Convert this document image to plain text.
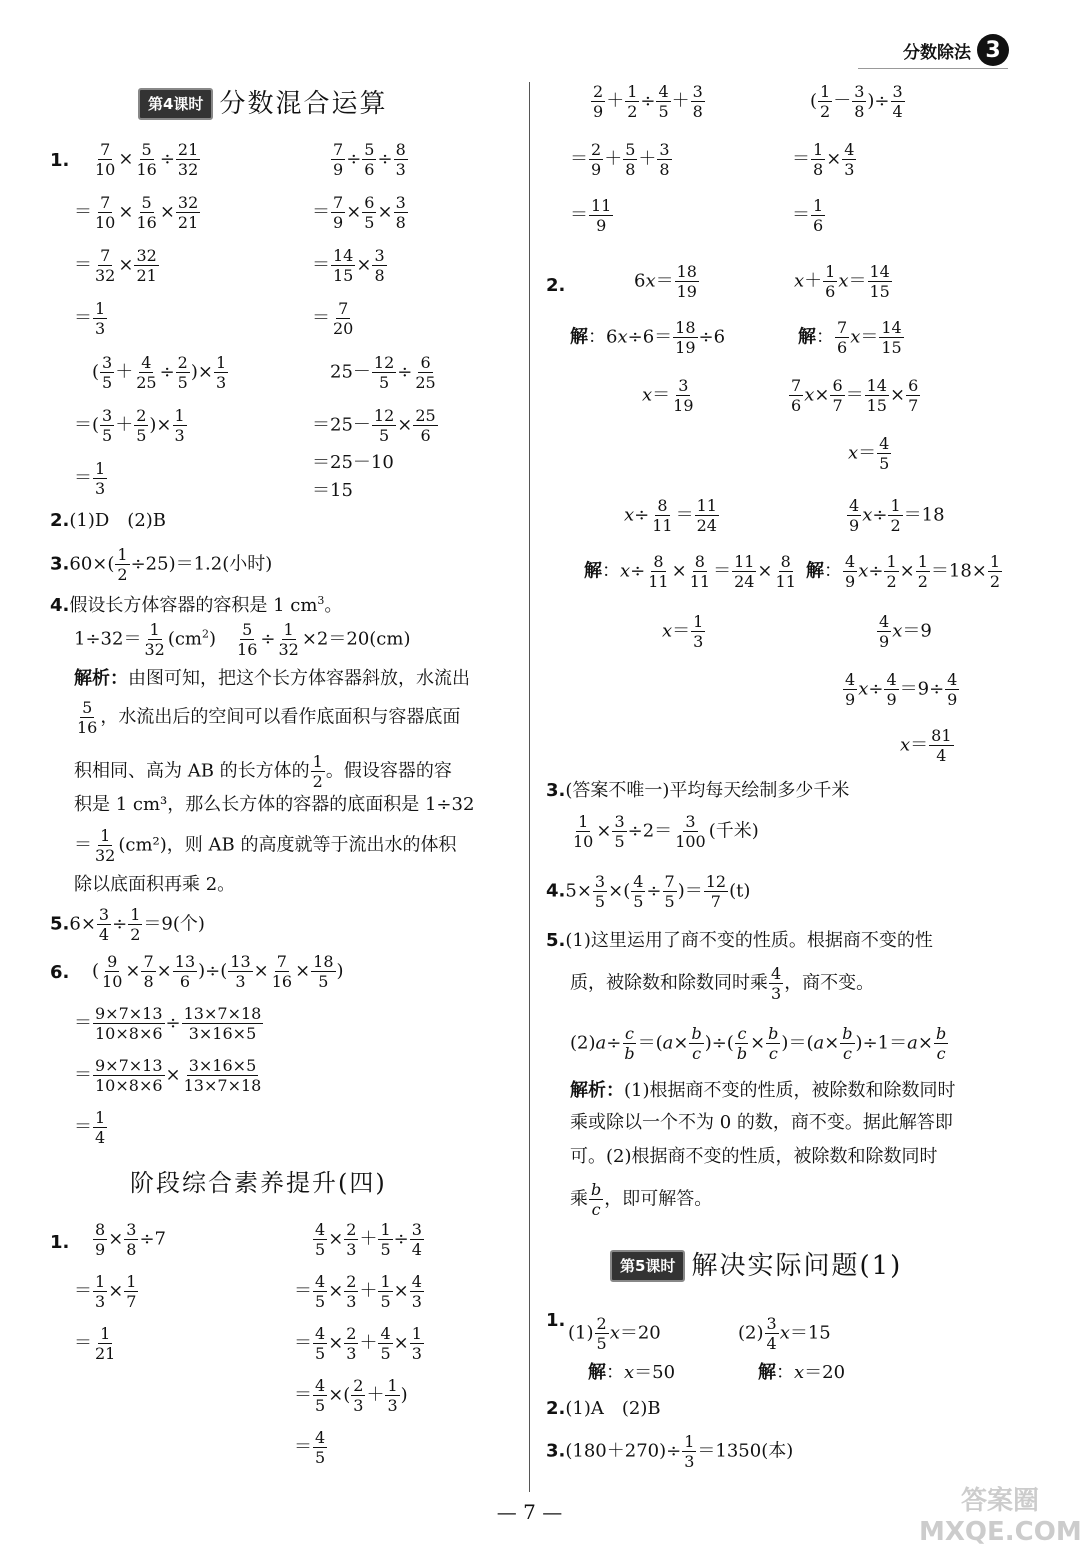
分数除法 3
第4课时 分数混合运算
1. $\frac{7}{10} \times \frac{5}{16} \div \frac{21}{32}$
＝ $\frac{7}{10} \times \frac{5}{16} \times \frac{32}{21}$
＝ $\frac{7}{32} \times \frac{32}{21}$
＝ $\frac{1}{3}$
$\frac{7}{9} \div \frac{5}{6} \div \frac{8}{3}$
＝ $\frac{7}{9} \times \frac{6}{5} \times \frac{3}{8}$
＝ $\frac{14}{15} \times \frac{3}{8}$
＝ $\frac{7}{20}$
( $\frac{3}{5} + \frac{4}{25} \div \frac{2}{5}$ )× $\frac{1}{3}$
＝( $\frac{3}{5} + \frac{2}{5}$ )× $\frac{1}{3}$
＝ $\frac{1}{3}$
$25- \frac{12}{5} \div \frac{6}{25}$
$=25- \frac{12}{5} \times \frac{25}{6}$
＝25－10
＝15
2.(1)D　(2)B
$3.60\times( \frac{1}{2} \div 25)=1.2$(小时)
4.假设长方体容器的容积是 1 $cm^3$。
$1\div 32= \frac{1}{32} (cm^2)$　 $\frac{5}{16} \div \frac{1}{32} \times 2=20(cm)$
解析：由图可知，把这个长方体容器斜放，水流出
$\frac{5}{16}$ ，水流出后的空间可以看作底面积与容器底面
积相同、高为 AB 的长方体的 $\frac{1}{2}$ 。假设容器的容
积是 1 cm³，那么长方体的容器的底面积是 1÷32
＝ $\frac{1}{32} (cm^2)$，则 AB 的高度就等于流出水的体积
除以底面积再乘 2。
$5.6\times \frac{3}{4} \div \frac{1}{2} =9$(个)
6. ( $\frac{9}{10} \times \frac{7}{8} \times \frac{13}{6}$ )÷( $\frac{13}{3} \times \frac{7}{16} \times \frac{18}{5}$ )
＝ $\frac{9\times 7\times 13}{10\times 8\times 6} \div \frac{13\times 7\times 18}{3\times 16\times 5}$
＝ $\frac{9\times 7\times 13}{10\times 8\times 6} \times \frac{3\times 16\times 5}{13\times 7\times 18}$
＝ $\frac{1}{4}$
阶段综合素养提升(四)
1. $\frac{8}{9} \times \frac{3}{8} \div 7$
＝ $\frac{1}{3} \times \frac{1}{7}$
＝ $\frac{1}{21}$
$\frac{4}{5} \times \frac{2}{3} + \frac{1}{5} \div \frac{3}{4}$
＝ $\frac{4}{5} \times \frac{2}{3} + \frac{1}{5} \times \frac{4}{3}$
＝ $\frac{4}{5} \times \frac{2}{3} + \frac{4}{5} \times \frac{1}{3}$
＝ $\frac{4}{5}$ ×( $\frac{2}{3} + \frac{1}{3}$ )
＝ $\frac{4}{5}$
$\frac{2}{9} + \frac{1}{2} \div \frac{4}{5} + \frac{3}{8}$
＝ $\frac{2}{9} + \frac{5}{8} + \frac{3}{8}$
＝ $\frac{11}{9}$
( $\frac{1}{2} - \frac{3}{8}$ )÷ $\frac{3}{4}$
＝ $\frac{1}{8} \times \frac{4}{3}$
＝ $\frac{1}{6}$
2.	$6x= \frac{18}{19}$
解：$6x\div 6= \frac{18}{19} \div 6$
$x= \frac{3}{19}$
$x+ \frac{1}{6} x= \frac{14}{15}$
解： $\frac{7}{6} x= \frac{14}{15}$
$\frac{7}{6} x\times \frac{6}{7} = \frac{14}{15} \times \frac{6}{7}$
$x= \frac{4}{5}$
$x\div \frac{8}{11} = \frac{11}{24}$
解：$x\div \frac{8}{11} \times \frac{8}{11} = \frac{11}{24} \times \frac{8}{11}$
$x= \frac{1}{3}$
$\frac{4}{9} x\div \frac{1}{2} =18$
解： $\frac{4}{9} x\div \frac{1}{2} \times \frac{1}{2} =18\times \frac{1}{2}$
$\frac{4}{9} x=9$
$\frac{4}{9} x\div \frac{4}{9} =9\div \frac{4}{9}$
$x= \frac{81}{4}$
3.(答案不唯一)平均每天绘制多少千米
$\frac{1}{10} \times \frac{3}{5} \div 2= \frac{3}{100}$ (千米)
$4.5\times \frac{3}{5}$ ×( $\frac{4}{5} \div \frac{7}{5}$ )＝ $\frac{12}{7} (t)$
5.(1)这里运用了商不变的性质。根据商不变的性
质，被除数和除数同时乘 $\frac{4}{3}$ ，商不变。
$(2)a\div \frac{c}{b} =(a\times \frac{b}{c}$ )÷( $\frac{c}{b} \times \frac{b}{c} )=(a\times \frac{b}{c} )\div 1=a\times \frac{b}{c}$
解析：(1)根据商不变的性质，被除数和除数同时
乘或除以一个不为 0 的数，商不变。据此解答即
可。(2)根据商不变的性质，被除数和除数同时
乘 $\frac{b}{c}$ ，即可解答。
第5课时 解决实际问题(1)
1.
$(1) \frac{2}{5} x=20$	$(2) \frac{3}{4} x=15$
解：x＝50	解：x＝20
2.(1)A　(2)B
$3.(180+270)\div \frac{1}{3} =1350$(本)
答案圈 MXQE.COM
— 7 —
